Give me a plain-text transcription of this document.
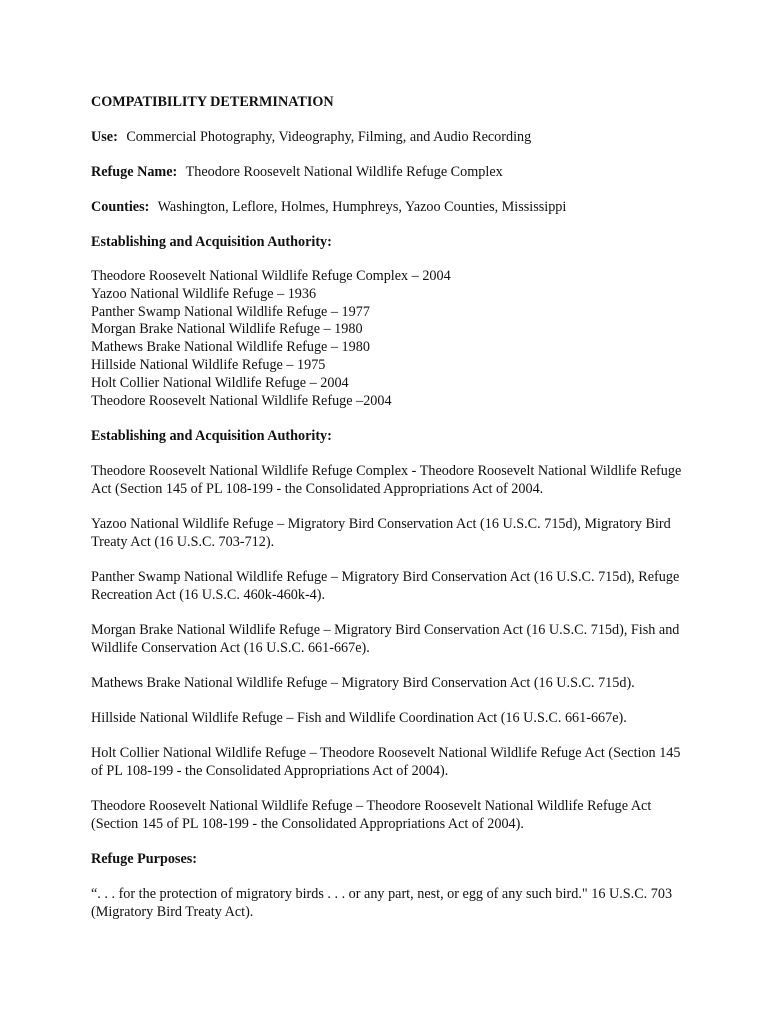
COMPATIBILITY DETERMINATION
Use: Commercial Photography, Videography, Filming, and Audio Recording
Refuge Name: Theodore Roosevelt National Wildlife Refuge Complex
Counties: Washington, Leflore, Holmes, Humphreys, Yazoo Counties, Mississippi
Establishing and Acquisition Authority:
Theodore Roosevelt National Wildlife Refuge Complex – 2004
Yazoo National Wildlife Refuge – 1936
Panther Swamp National Wildlife Refuge – 1977
Morgan Brake National Wildlife Refuge – 1980
Mathews Brake National Wildlife Refuge – 1980
Hillside National Wildlife Refuge – 1975
Holt Collier National Wildlife Refuge – 2004
Theodore Roosevelt National Wildlife Refuge –2004
Establishing and Acquisition Authority:

Theodore Roosevelt National Wildlife Refuge Complex - Theodore Roosevelt National Wildlife Refuge Act (Section 145 of PL 108-199 - the Consolidated Appropriations Act of 2004.

Yazoo National Wildlife Refuge – Migratory Bird Conservation Act (16 U.S.C. 715d), Migratory Bird Treaty Act (16 U.S.C. 703-712).

Panther Swamp National Wildlife Refuge – Migratory Bird Conservation Act (16 U.S.C. 715d), Refuge Recreation Act (16 U.S.C. 460k-460k-4).

Morgan Brake National Wildlife Refuge – Migratory Bird Conservation Act (16 U.S.C. 715d), Fish and Wildlife Conservation Act (16 U.S.C. 661-667e).

Mathews Brake National Wildlife Refuge – Migratory Bird Conservation Act (16 U.S.C. 715d).

Hillside National Wildlife Refuge – Fish and Wildlife Coordination Act (16 U.S.C. 661-667e).

Holt Collier National Wildlife Refuge – Theodore Roosevelt National Wildlife Refuge Act (Section 145 of PL 108-199 - the Consolidated Appropriations Act of 2004).

Theodore Roosevelt National Wildlife Refuge – Theodore Roosevelt National Wildlife Refuge Act (Section 145 of PL 108-199 - the Consolidated Appropriations Act of 2004).

Refuge Purposes:

“. . . for the protection of migratory birds . . . or any part, nest, or egg of any such bird." 16 U.S.C. 703 (Migratory Bird Treaty Act).
